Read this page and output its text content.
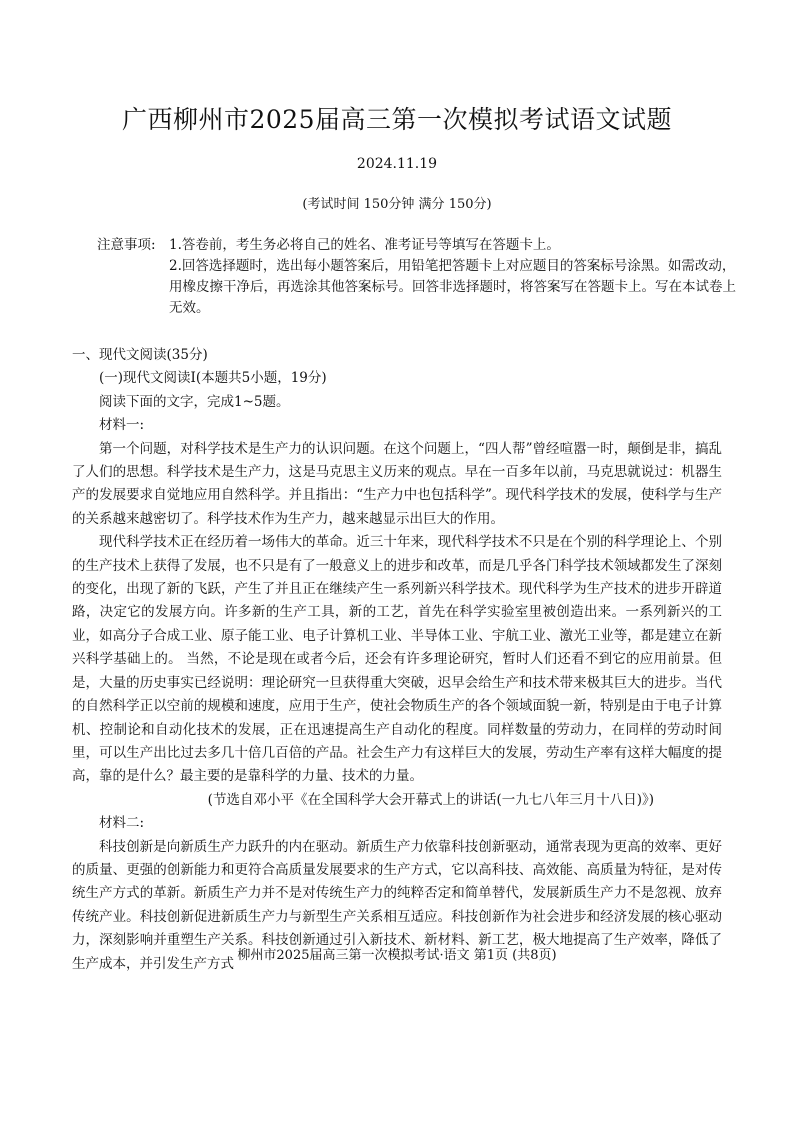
广西柳州市2025届高三第一次模拟考试语文试题
2024.11.19
(考试时间 150分钟 满分 150分)
注意事项: 1.答卷前，考生务必将自己的姓名、准考证号等填写在答题卡上。
2.回答选择题时，选出每小题答案后，用铅笔把答题卡上对应题目的答案标号涂黑。如需改动，用橡皮擦干净后，再选涂其他答案标号。回答非选择题时，将答案写在答题卡上。写在本试卷上无效。

一、现代文阅读(35分)

(一)现代文阅读Ⅰ(本题共5小题，19分)

阅读下面的文字，完成1~5题。

材料一:

第一个问题，对科学技术是生产力的认识问题。在这个问题上，“四人帮”曾经喧嚣一时，颠倒是非，搞乱了人们的思想。科学技术是生产力，这是马克思主义历来的观点。早在一百多年以前，马克思就说过：机器生产的发展要求自觉地应用自然科学。并且指出：“生产力中也包括科学”。现代科学技术的发展，使科学与生产的关系越来越密切了。科学技术作为生产力，越来越显示出巨大的作用。

现代科学技术正在经历着一场伟大的革命。近三十年来，现代科学技术不只是在个别的科学理论上、个别的生产技术上获得了发展，也不只是有了一般意义上的进步和改革，而是几乎各门科学技术领域都发生了深刻的变化，出现了新的飞跃，产生了并且正在继续产生一系列新兴科学技术。现代科学为生产技术的进步开辟道路，决定它的发展方向。许多新的生产工具，新的工艺，首先在科学实验室里被创造出来。一系列新兴的工业，如高分子合成工业、原子能工业、电子计算机工业、半导体工业、宇航工业、激光工业等，都是建立在新兴科学基础上的。 当然，不论是现在或者今后，还会有许多理论研究，暂时人们还看不到它的应用前景。但是，大量的历史事实已经说明：理论研究一旦获得重大突破，迟早会给生产和技术带来极其巨大的进步。当代的自然科学正以空前的规模和速度，应用于生产，使社会物质生产的各个领域面貌一新，特别是由于电子计算机、控制论和自动化技术的发展，正在迅速提高生产自动化的程度。同样数量的劳动力，在同样的劳动时间里，可以生产出比过去多几十倍几百倍的产品。社会生产力有这样巨大的发展，劳动生产率有这样大幅度的提高，靠的是什么？最主要的是靠科学的力量、技术的力量。

(节选自邓小平《在全国科学大会开幕式上的讲话(一九七八年三月十八日)》)

材料二:

科技创新是向新质生产力跃升的内在驱动。新质生产力依靠科技创新驱动，通常表现为更高的效率、更好的质量、更强的创新能力和更符合高质量发展要求的生产方式，它以高科技、高效能、高质量为特征，是对传统生产方式的革新。新质生产力并不是对传统生产力的纯粹否定和简单替代，发展新质生产力不是忽视、放弃传统产业。科技创新促进新质生产力与新型生产关系相互适应。科技创新作为社会进步和经济发展的核心驱动力，深刻影响并重塑生产关系。科技创新通过引入新技术、新材料、新工艺，极大地提高了生产效率，降低了生产成本，并引发生产方式

柳州市2025届高三第一次模拟考试·语文 第1页 (共8页)
